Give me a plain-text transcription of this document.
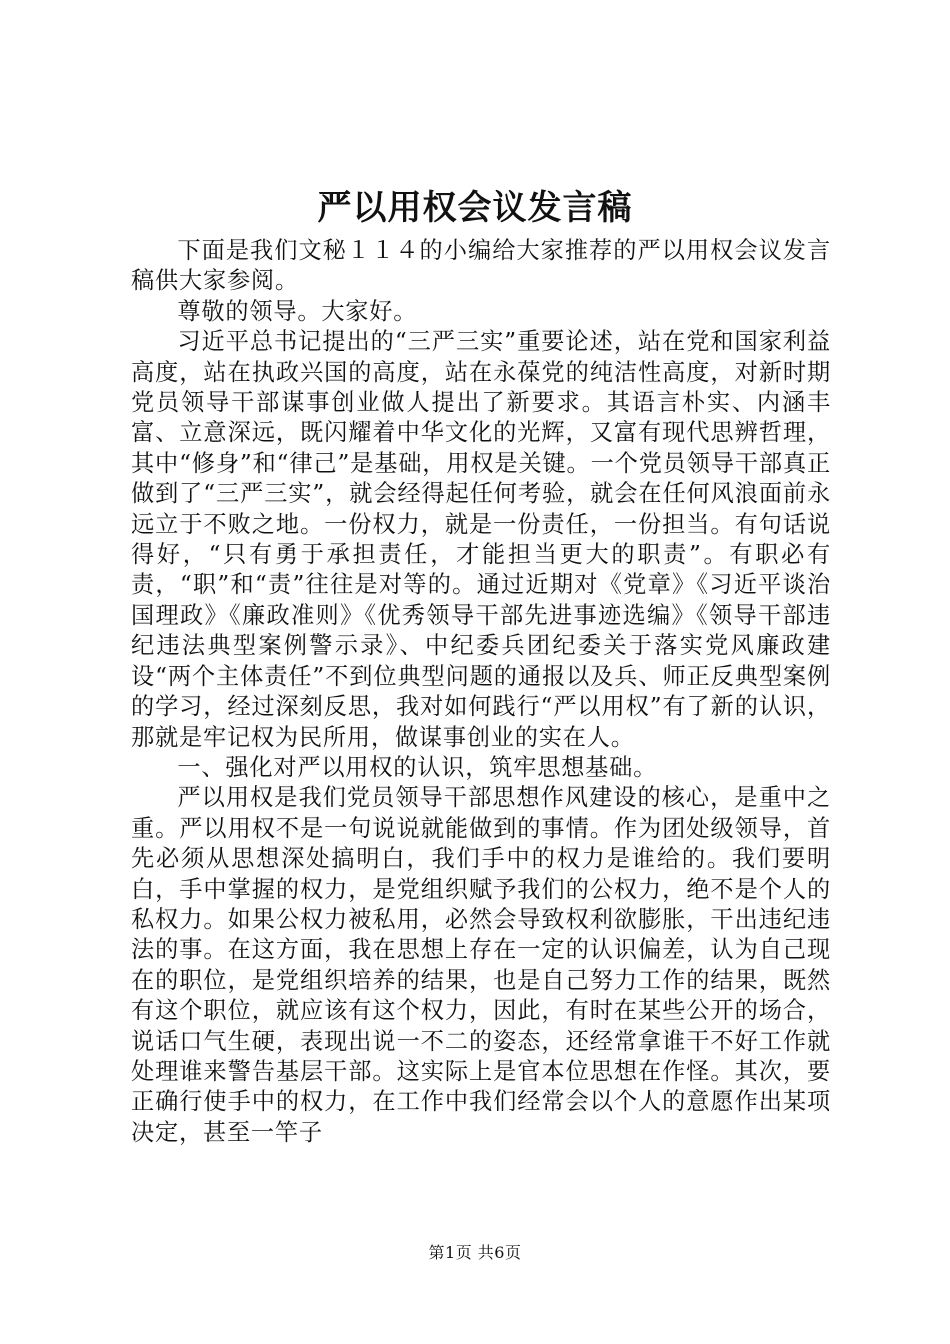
严以用权会议发言稿

下面是我们文秘１１４的小编给大家推荐的严以用权会议发言稿供大家参阅。

尊敬的领导。大家好。

习近平总书记提出的“三严三实”重要论述，站在党和国家利益高度，站在执政兴国的高度，站在永葆党的纯洁性高度，对新时期党员领导干部谋事创业做人提出了新要求。其语言朴实、内涵丰富、立意深远，既闪耀着中华文化的光辉，又富有现代思辨哲理，其中“修身”和“律己”是基础，用权是关键。一个党员领导干部真正做到了“三严三实”，就会经得起任何考验，就会在任何风浪面前永远立于不败之地。一份权力，就是一份责任，一份担当。有句话说得好，“只有勇于承担责任，才能担当更大的职责”。有职必有责，“职”和“责”往往是对等的。通过近期对《党章》《习近平谈治国理政》《廉政准则》《优秀领导干部先进事迹选编》《领导干部违纪违法典型案例警示录》、中纪委兵团纪委关于落实党风廉政建设“两个主体责任”不到位典型问题的通报以及兵、师正反典型案例的学习，经过深刻反思，我对如何践行“严以用权”有了新的认识，那就是牢记权为民所用，做谋事创业的实在人。

一、强化对严以用权的认识，筑牢思想基础。

严以用权是我们党员领导干部思想作风建设的核心，是重中之重。严以用权不是一句说说就能做到的事情。作为团处级领导，首先必须从思想深处搞明白，我们手中的权力是谁给的。我们要明白，手中掌握的权力，是党组织赋予我们的公权力，绝不是个人的私权力。如果公权力被私用，必然会导致权利欲膨胀，干出违纪违法的事。在这方面，我在思想上存在一定的认识偏差，认为自己现在的职位，是党组织培养的结果，也是自己努力工作的结果，既然有这个职位，就应该有这个权力，因此，有时在某些公开的场合，说话口气生硬，表现出说一不二的姿态，还经常拿谁干不好工作就处理谁来警告基层干部。这实际上是官本位思想在作怪。其次，要正确行使手中的权力，在工作中我们经常会以个人的意愿作出某项决定，甚至一竿子

第1页 共6页
